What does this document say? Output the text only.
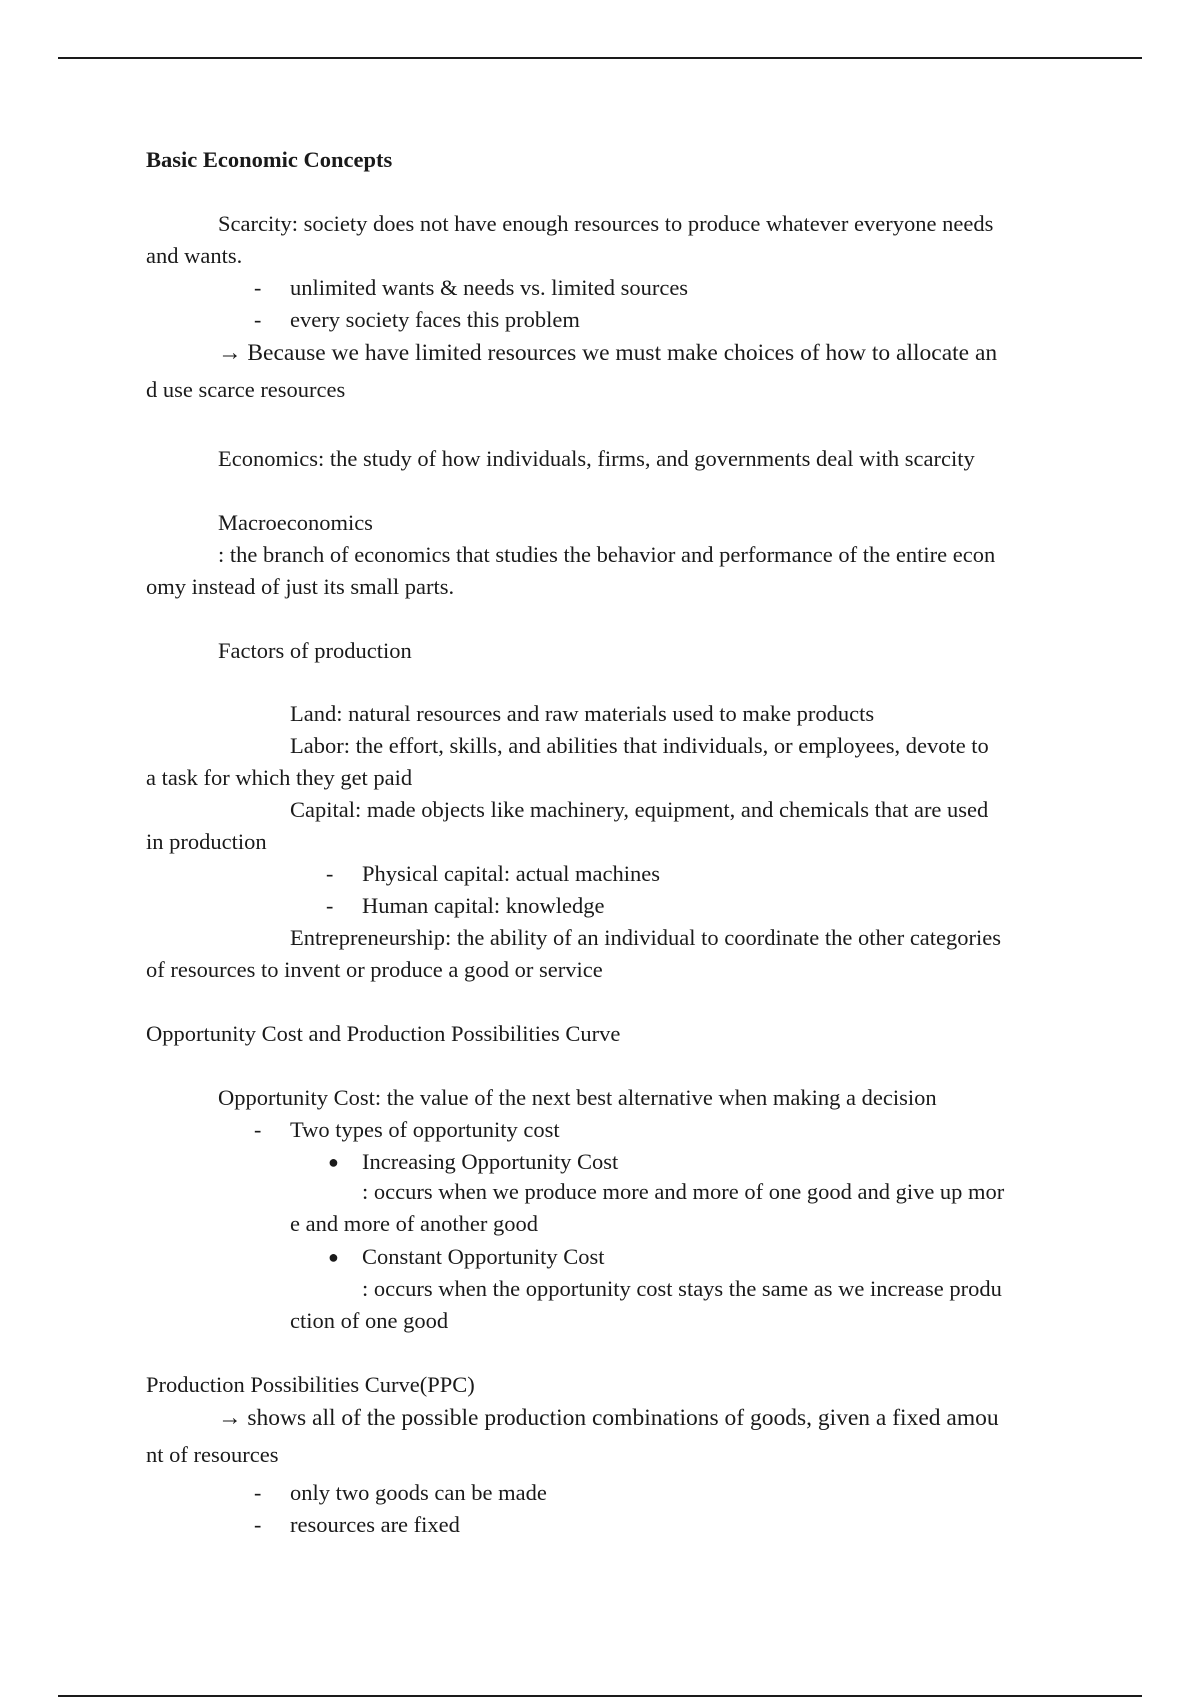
Basic Economic Concepts
Scarcity: society does not have enough resources to produce whatever everyone needs
and wants.
- unlimited wants & needs vs. limited sources
- every society faces this problem
→ Because we have limited resources we must make choices of how to allocate an
d use scarce resources
Economics: the study of how individuals, firms, and governments deal with scarcity
Macroeconomics
: the branch of economics that studies the behavior and performance of the entire econ
omy instead of just its small parts.
Factors of production
Land: natural resources and raw materials used to make products
Labor: the effort, skills, and abilities that individuals, or employees, devote to
a task for which they get paid
Capital: made objects like machinery, equipment, and chemicals that are used
in production
- Physical capital: actual machines
- Human capital: knowledge
Entrepreneurship: the ability of an individual to coordinate the other categories
of resources to invent or produce a good or service
Opportunity Cost and Production Possibilities Curve
Opportunity Cost: the value of the next best alternative when making a decision
- Two types of opportunity cost
● Increasing Opportunity Cost
: occurs when we produce more and more of one good and give up mor
e and more of another good
● Constant Opportunity Cost
: occurs when the opportunity cost stays the same as we increase produ
ction of one good
Production Possibilities Curve(PPC)
→ shows all of the possible production combinations of goods, given a fixed amou
nt of resources
- only two goods can be made
- resources are fixed
